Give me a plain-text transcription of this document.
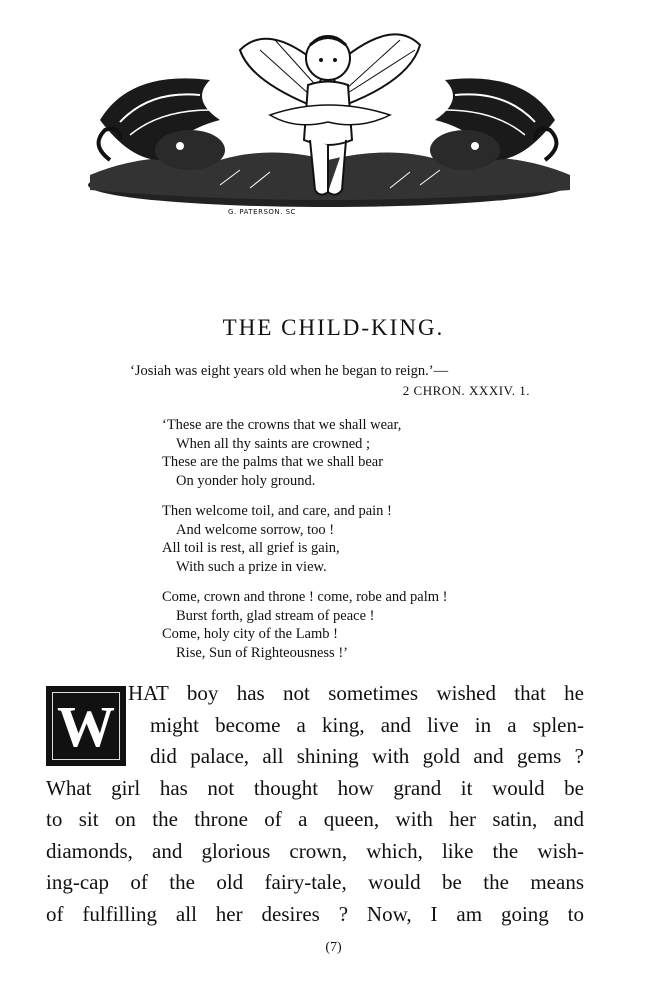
G. PATERSON. SC
THE CHILD-KING.
‘Josiah was eight years old when he began to reign.’—
2 CHRON. XXXIV. 1.
‘These are the crowns that we shall wear,
When all thy saints are crowned ;
These are the palms that we shall bear
On yonder holy ground.
Then welcome toil, and care, and pain !
And welcome sorrow, too !
All toil is rest, all grief is gain,
With such a prize in view.
Come, crown and throne ! come, robe and palm !
Burst forth, glad stream of peace !
Come, holy city of the Lamb !
Rise, Sun of Righteousness !’
W
HAT boy has not sometimes wished that he
might become a king, and live in a splen-
did palace, all shining with gold and gems ?
What girl has not thought how grand it would be
to sit on the throne of a queen, with her satin, and
diamonds, and glorious crown, which, like the wish-
ing-cap of the old fairy-tale, would be the means
of fulfilling all her desires ? Now, I am going to
(7)
